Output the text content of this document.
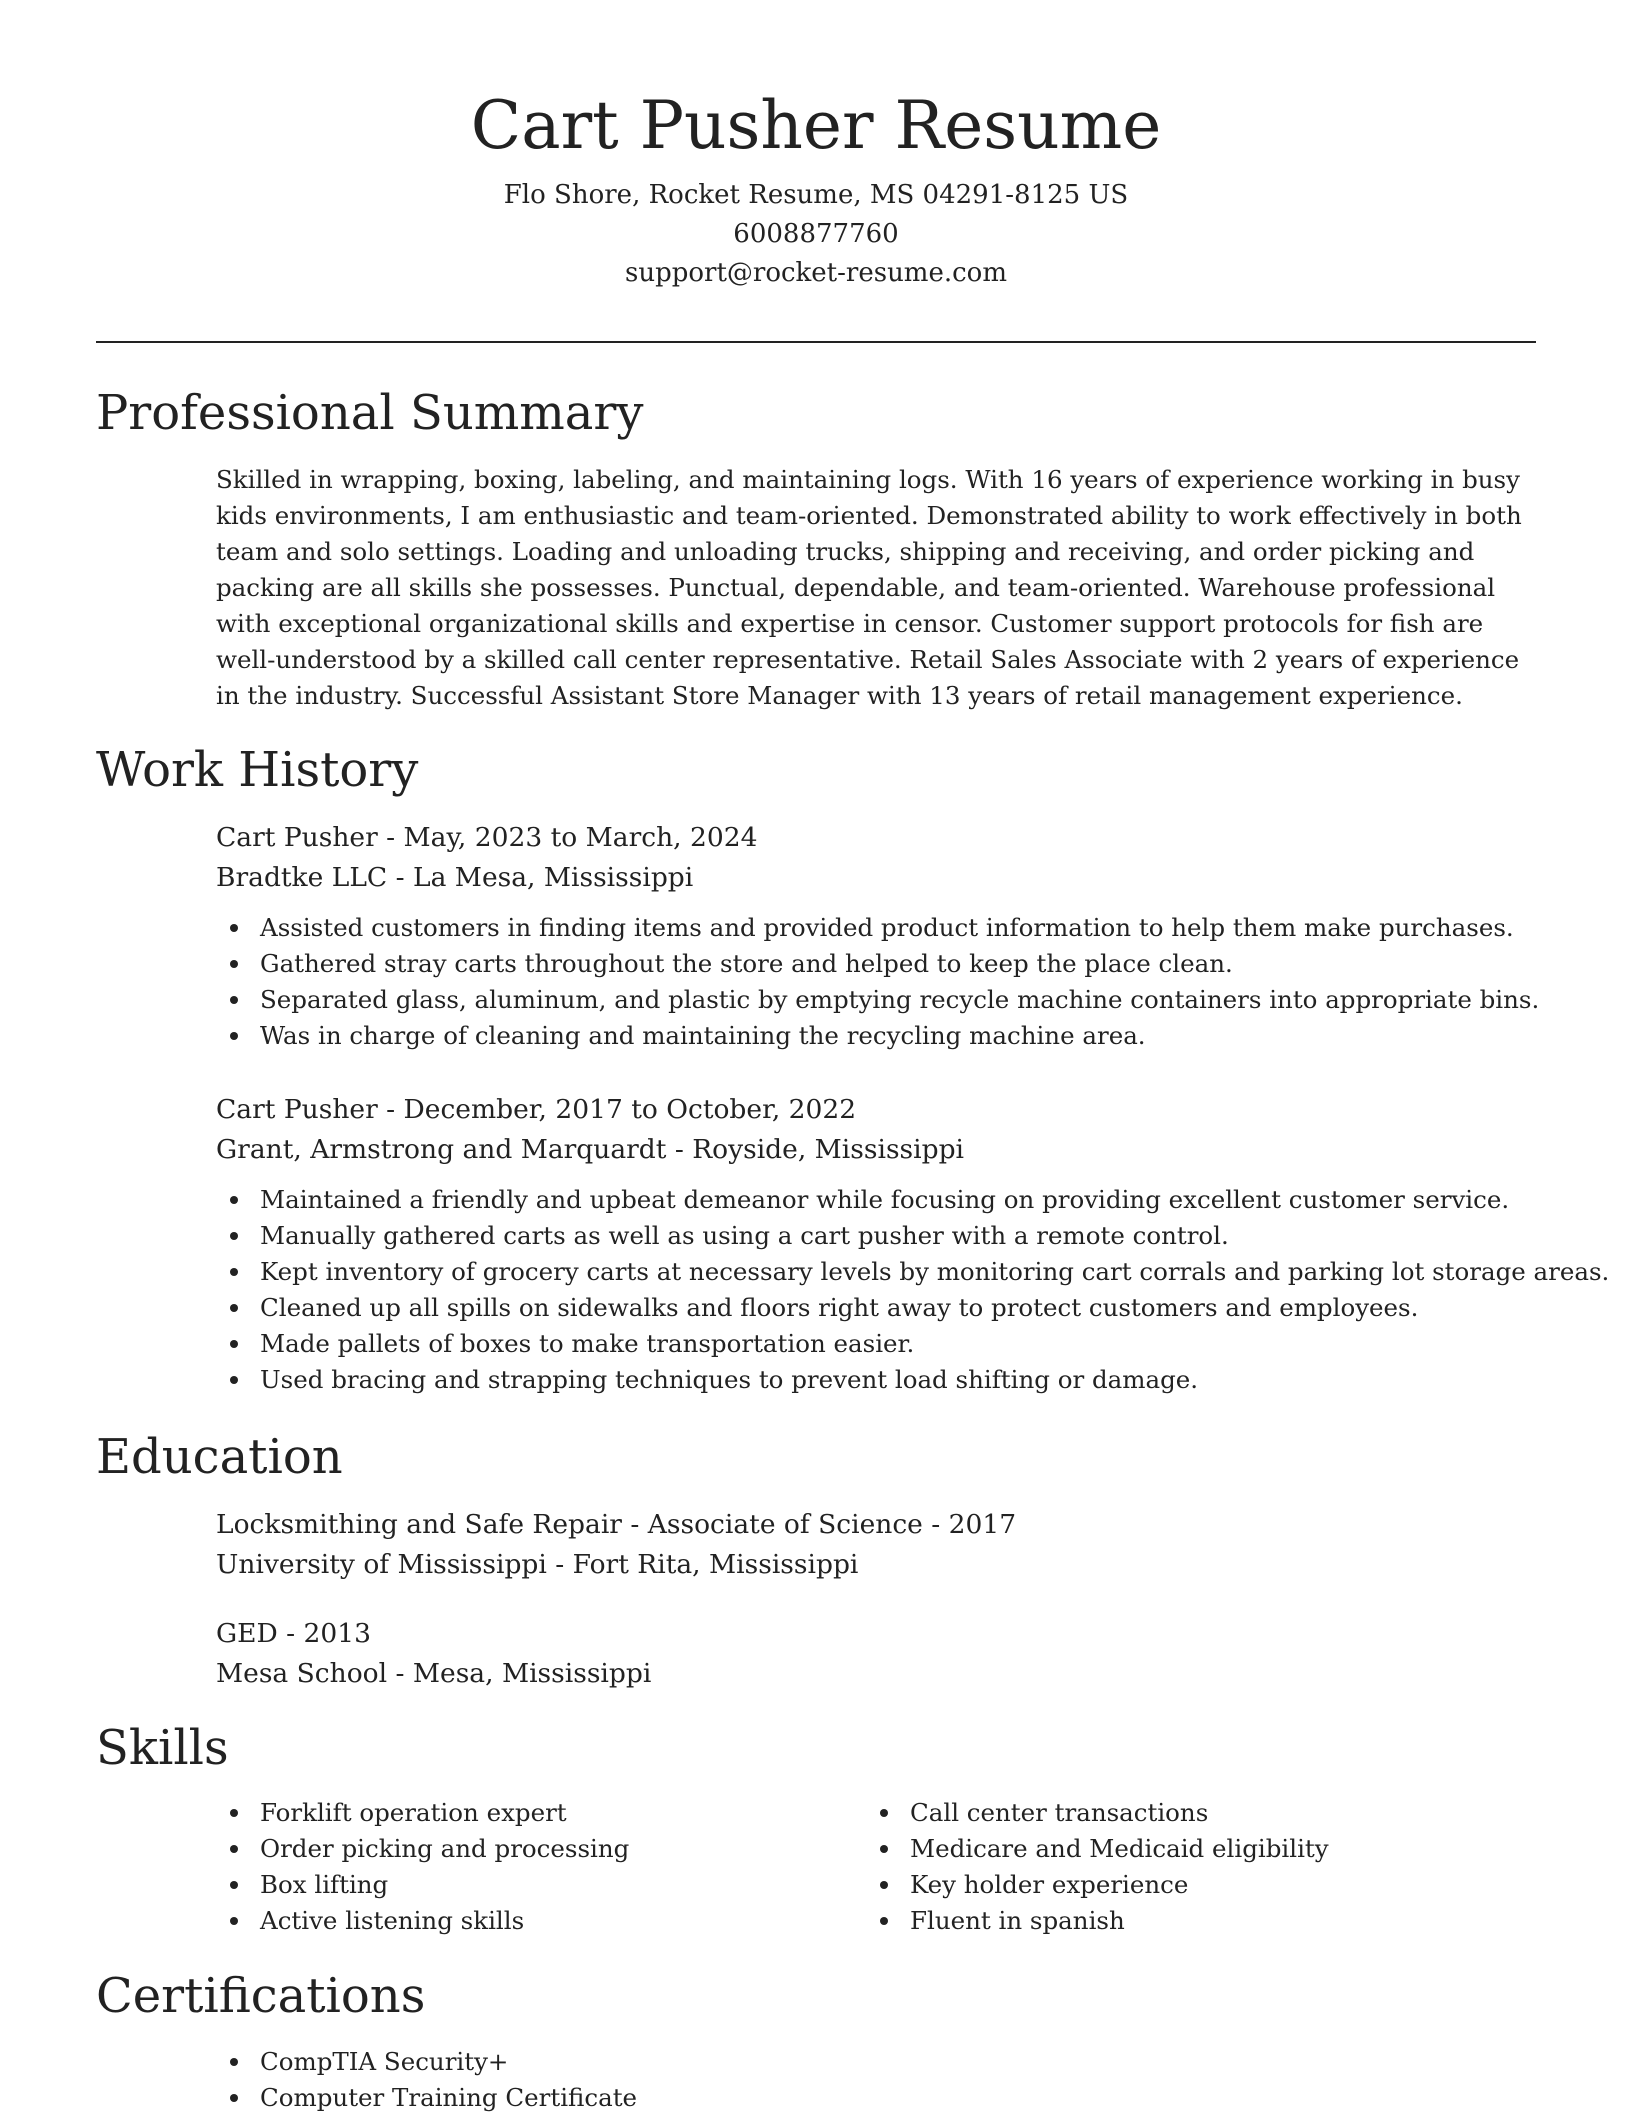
Cart Pusher Resume
Flo Shore, Rocket Resume, MS 04291-8125 US
6008877760
support@rocket-resume.com
Professional Summary
Skilled in wrapping, boxing, labeling, and maintaining logs. With 16 years of experience working in busy kids environments, I am enthusiastic and team-oriented. Demonstrated ability to work effectively in both team and solo settings. Loading and unloading trucks, shipping and receiving, and order picking and packing are all skills she possesses. Punctual, dependable, and team-oriented. Warehouse professional with exceptional organizational skills and expertise in censor. Customer support protocols for fish are well-understood by a skilled call center representative. Retail Sales Associate with 2 years of experience in the industry. Successful Assistant Store Manager with 13 years of retail management experience.
Work History
Cart Pusher - May, 2023 to March, 2024
Bradtke LLC - La Mesa, Mississippi
Assisted customers in finding items and provided product information to help them make purchases.
Gathered stray carts throughout the store and helped to keep the place clean.
Separated glass, aluminum, and plastic by emptying recycle machine containers into appropriate bins.
Was in charge of cleaning and maintaining the recycling machine area.
Cart Pusher - December, 2017 to October, 2022
Grant, Armstrong and Marquardt - Royside, Mississippi
Maintained a friendly and upbeat demeanor while focusing on providing excellent customer service.
Manually gathered carts as well as using a cart pusher with a remote control.
Kept inventory of grocery carts at necessary levels by monitoring cart corrals and parking lot storage areas.
Cleaned up all spills on sidewalks and floors right away to protect customers and employees.
Made pallets of boxes to make transportation easier.
Used bracing and strapping techniques to prevent load shifting or damage.
Education
Locksmithing and Safe Repair - Associate of Science - 2017
University of Mississippi - Fort Rita, Mississippi
GED - 2013
Mesa School - Mesa, Mississippi
Skills
Forklift operation expert
Order picking and processing
Box lifting
Active listening skills
Call center transactions
Medicare and Medicaid eligibility
Key holder experience
Fluent in spanish
Certifications
CompTIA Security+
Computer Training Certificate
